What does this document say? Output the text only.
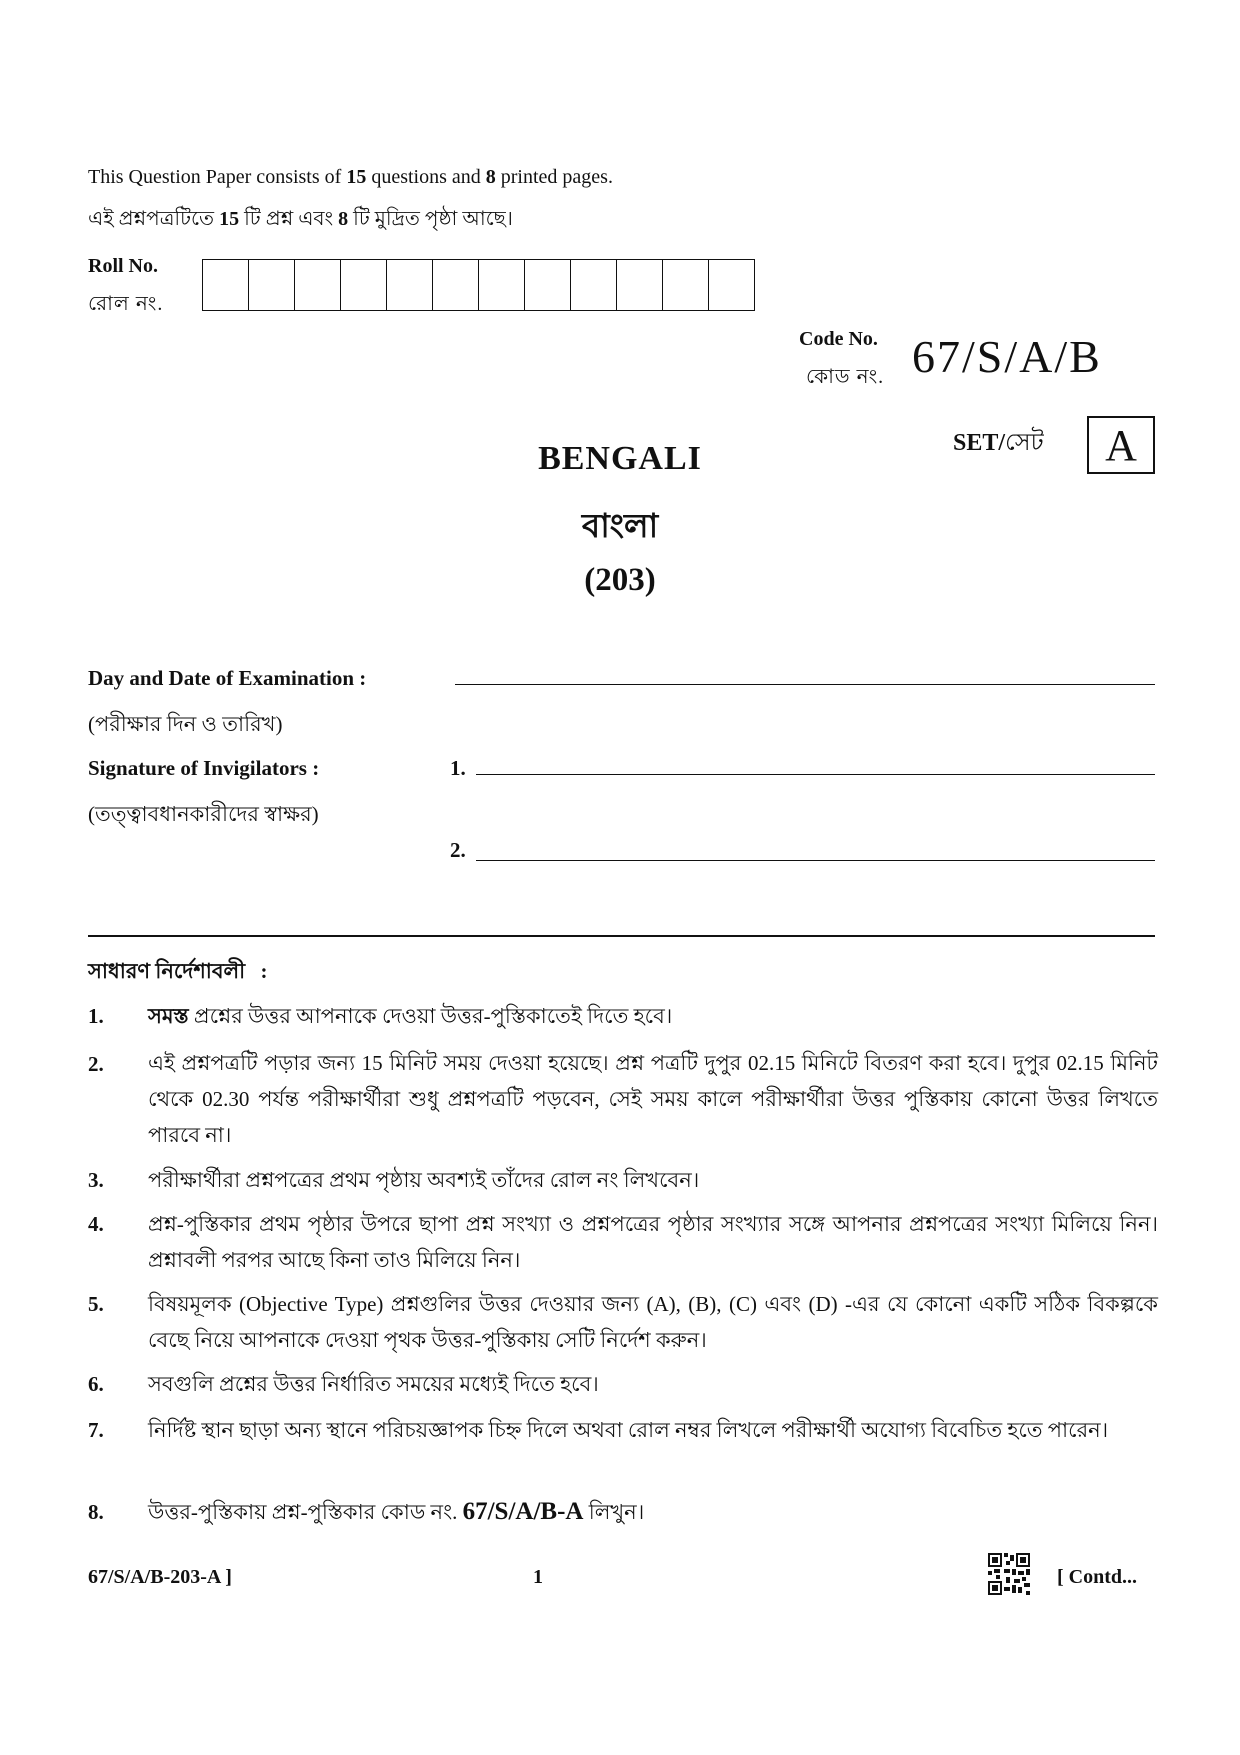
This Question Paper consists of 15 questions and 8 printed pages.
এই প্রশ্নপত্রটিতে 15 টি প্রশ্ন এবং 8 টি মুদ্রিত পৃষ্ঠা আছে।
Roll No.
রোল নং.
Code No.
কোড নং. 67/S/A/B
SET/সেট	A
BENGALI
বাংলা
(203)
Day and Date of Examination :
(পরীক্ষার দিন ও তারিখ)
Signature of Invigilators :	1.
(তত্ত্বাবধানকারীদের স্বাক্ষর)
2.
সাধারণ নির্দেশাবলী :
1. সমস্ত প্রশ্নের উত্তর আপনাকে দেওয়া উত্তর-পুস্তিকাতেই দিতে হবে।
2. এই প্রশ্নপত্রটি পড়ার জন্য 15 মিনিট সময় দেওয়া হয়েছে। প্রশ্ন পত্রটি দুপুর 02.15 মিনিটে বিতরণ করা হবে। দুপুর 02.15 মিনিট থেকে 02.30 পর্যন্ত পরীক্ষার্থীরা শুধু প্রশ্নপত্রটি পড়বেন, সেই সময় কালে পরীক্ষার্থীরা উত্তর পুস্তিকায় কোনো উত্তর লিখতে পারবে না।
3. পরীক্ষার্থীরা প্রশ্নপত্রের প্রথম পৃষ্ঠায় অবশ্যই তাঁদের রোল নং লিখবেন।
4. প্রশ্ন-পুস্তিকার প্রথম পৃষ্ঠার উপরে ছাপা প্রশ্ন সংখ্যা ও প্রশ্নপত্রের পৃষ্ঠার সংখ্যার সঙ্গে আপনার প্রশ্নপত্রের সংখ্যা মিলিয়ে নিন। প্রশ্নাবলী পরপর আছে কিনা তাও মিলিয়ে নিন।
5. বিষয়মূলক (Objective Type) প্রশ্নগুলির উত্তর দেওয়ার জন্য (A), (B), (C) এবং (D) -এর যে কোনো একটি সঠিক বিকল্পকে বেছে নিয়ে আপনাকে দেওয়া পৃথক উত্তর-পুস্তিকায় সেটি নির্দেশ করুন।
6. সবগুলি প্রশ্নের উত্তর নির্ধারিত সময়ের মধ্যেই দিতে হবে।
7. নির্দিষ্ট স্থান ছাড়া অন্য স্থানে পরিচয়জ্ঞাপক চিহ্ন দিলে অথবা রোল নম্বর লিখলে পরীক্ষার্থী অযোগ্য বিবেচিত হতে পারেন।
8. উত্তর-পুস্তিকায় প্রশ্ন-পুস্তিকার কোড নং. 67/S/A/B-A লিখুন।
67/S/A/B-203-A ]	1	[ Contd...
